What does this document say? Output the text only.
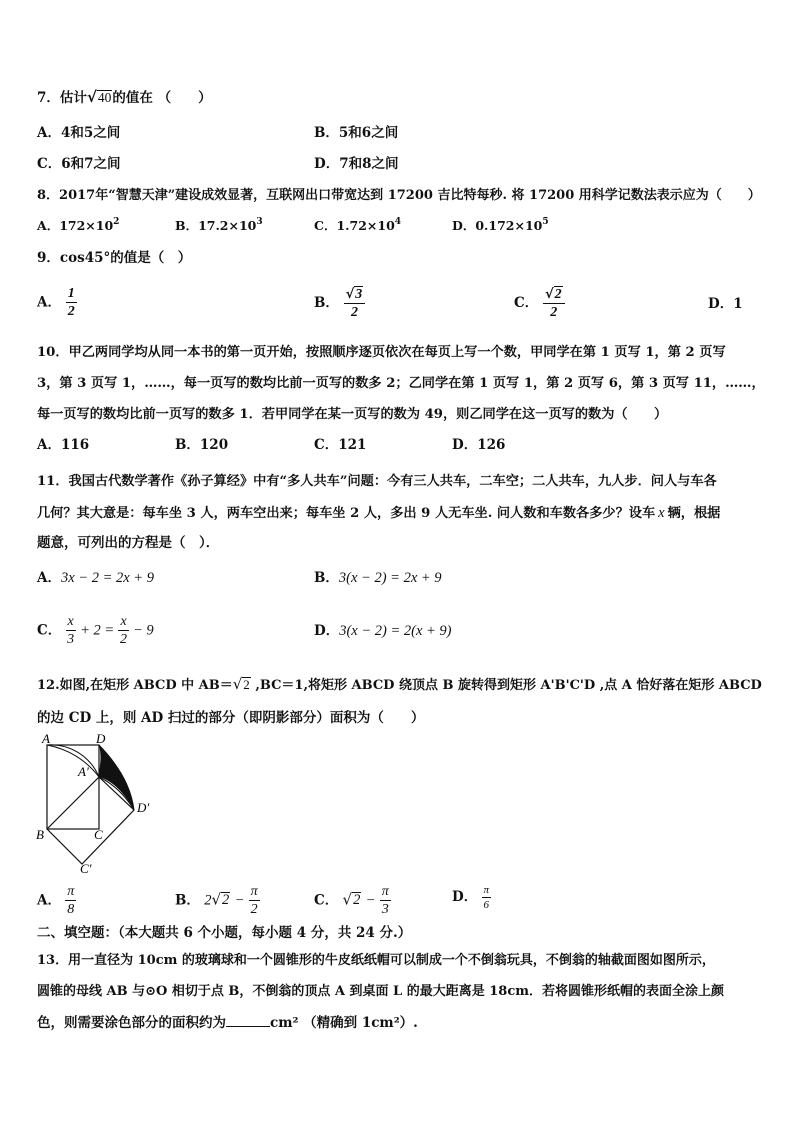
7．估计√40的值在 （　　）
A．4和5之间	B．5和6之间
C．6和7之间	D．7和8之间
8．2017年“智慧天津”建设成效显著，互联网出口带宽达到 17200 吉比特每秒. 将 17200 用科学记数法表示应为（　　）
A．$172\times 10^2$	B．$17.2\times 10^3$	C．$1.72\times 10^4$	D．$0.172\times 10^5$
9．cos45°的值是（　）
A． $\frac{1}{2}$	B． $\frac{√3}{2}$	C． $\frac{√2}{2}$	D．1
10．甲乙两同学均从同一本书的第一页开始，按照顺序逐页依次在每页上写一个数，甲同学在第 1 页写 1，第 2 页写
3，第 3 页写 1，……，每一页写的数均比前一页写的数多 2；乙同学在第 1 页写 1，第 2 页写 6，第 3 页写 11，……，
每一页写的数均比前一页写的数多 1．若甲同学在某一页写的数为 49，则乙同学在这一页写的数为（　　）
A．116	B．120	C．121	D．126
11．我国古代数学著作《孙子算经》中有“多人共车”问题：今有三人共车，二车空；二人共车，九人步．问人与车各
几何？其大意是：每车坐 3 人，两车空出来；每车坐 2 人，多出 9 人无车坐. 问人数和车数各多少？设车 x 辆，根据
题意，可列出的方程是（　）．
A．3x − 2 = 2x + 9	B．3(x − 2) = 2x + 9
C． $\frac{x}{3} + 2 = \frac{x}{2} - 9$	D．3(x − 2) = 2(x + 9)
12.如图,在矩形 ABCD 中 AB＝√2 ,BC＝1,将矩形 ABCD 绕顶点 B 旋转得到矩形 A'B'C'D ,点 A 恰好落在矩形 ABCD
的边 CD 上，则 AD 扫过的部分（即阴影部分）面积为（　　）
A	D
A′
D′
B	C
C′
A． $\frac{\pi}{8}$	B． $2√2 - \frac{\pi}{2}$	C． $√2 - \frac{\pi}{3}$	D． $\frac{\pi}{6}$
二、填空题：（本大题共 6 个小题，每小题 4 分，共 24 分.）
13．用一直径为 10cm 的玻璃球和一个圆锥形的牛皮纸纸帽可以制成一个不倒翁玩具，不倒翁的轴截面图如图所示，
圆锥的母线 AB 与⊙O 相切于点 B，不倒翁的顶点 A 到桌面 L 的最大距离是 18cm．若将圆锥形纸帽的表面全涂上颜
色，则需要涂色部分的面积约为	cm² （精确到 1cm²）.
